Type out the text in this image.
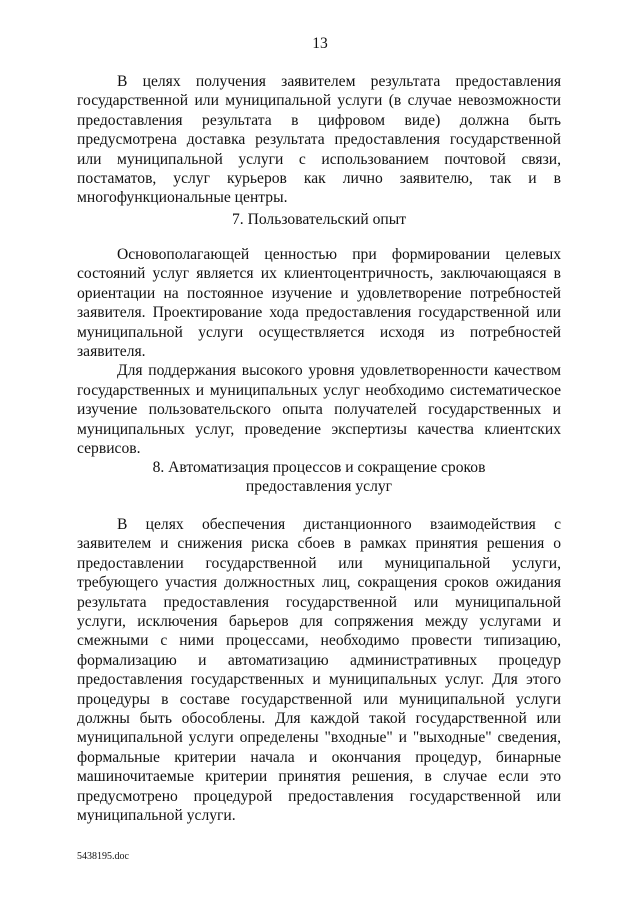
13

В целях получения заявителем результата предоставления государственной или муниципальной услуги (в случае невозможности предоставления результата в цифровом виде) должна быть предусмотрена доставка результата предоставления государственной или муниципальной услуги с использованием почтовой связи, постаматов, услуг курьеров как лично заявителю, так и в многофункциональные центры.

7. Пользовательский опыт

Основополагающей ценностью при формировании целевых состояний услуг является их клиентоцентричность, заключающаяся в ориентации на постоянное изучение и удовлетворение потребностей заявителя. Проектирование хода предоставления государственной или муниципальной услуги осуществляется исходя из потребностей заявителя.

Для поддержания высокого уровня удовлетворенности качеством государственных и муниципальных услуг необходимо систематическое изучение пользовательского опыта получателей государственных и муниципальных услуг, проведение экспертизы качества клиентских сервисов.

8. Автоматизация процессов и сокращение сроков

предоставления услуг

В целях обеспечения дистанционного взаимодействия с заявителем и снижения риска сбоев в рамках принятия решения о предоставлении государственной или муниципальной услуги, требующего участия должностных лиц, сокращения сроков ожидания результата предоставления государственной или муниципальной услуги, исключения барьеров для сопряжения между услугами и смежными с ними процессами, необходимо провести типизацию, формализацию и автоматизацию административных процедур предоставления государственных и муниципальных услуг. Для этого процедуры в составе государственной или муниципальной услуги должны быть обособлены. Для каждой такой государственной или муниципальной услуги определены "входные" и "выходные" сведения, формальные критерии начала и окончания процедур, бинарные машиночитаемые критерии принятия решения, в случае если это предусмотрено процедурой предоставления государственной или муниципальной услуги.

5438195.doc
